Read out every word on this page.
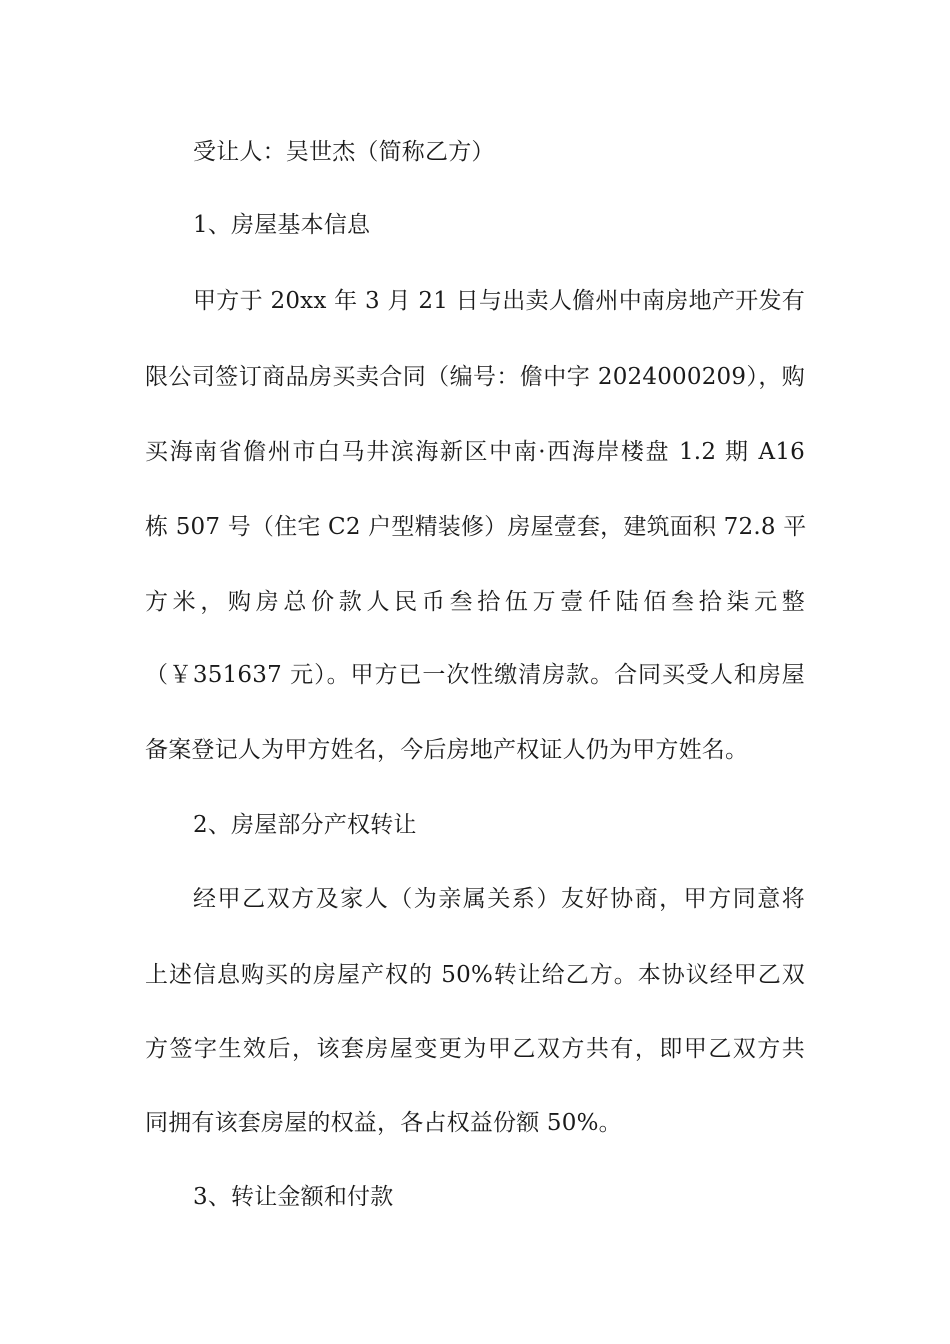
受让人：吴世杰（简称乙方）
1、房屋基本信息
甲方于 20xx 年 3 月 21 日与出卖人儋州中南房地产开发有
限公司签订商品房买卖合同（编号：儋中字 2024000209），购
买海南省儋州市白马井滨海新区中南·西海岸楼盘 1.2 期 A16
栋 507 号（住宅 C2 户型精装修）房屋壹套，建筑面积 72.8 平
方米，购房总价款人民币叁拾伍万壹仟陆佰叁拾柒元整
（￥351637 元）。甲方已一次性缴清房款。合同买受人和房屋
备案登记人为甲方姓名，今后房地产权证人仍为甲方姓名。
2、房屋部分产权转让
经甲乙双方及家人（为亲属关系）友好协商，甲方同意将
上述信息购买的房屋产权的 50%转让给乙方。本协议经甲乙双
方签字生效后，该套房屋变更为甲乙双方共有，即甲乙双方共
同拥有该套房屋的权益，各占权益份额 50%。
3、转让金额和付款
